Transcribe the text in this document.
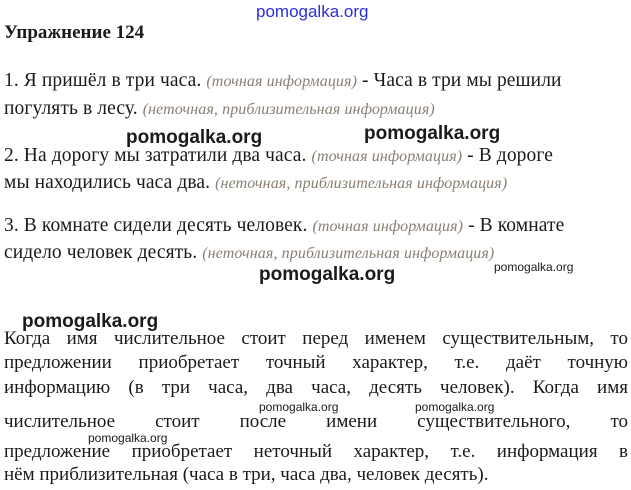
pomogalka.org
Упражнение 124
1. Я пришёл в три часа. (точная информация) - Часа в три мы решили
погулять в лесу. (неточная, приблизительная информация)
pomogalka.org	pomogalka.org
2. На дорогу мы затратили два часа. (точная информация) - В дороге
мы находились часа два. (неточная, приблизительная информация)
3. В комнате сидели десять человек. (точная информация) - В комнате
сидело человек десять. (неточная, приблизительная информация)
pomogalka.org
pomogalka.org
pomogalka.org
Когда имя числительное стоит перед именем существительным, то
предложении приобретает точный характер, т.е. даёт точную
информацию (в три часа, два часа, десять человек). Когда имя
числительное стоит после имени существительного, то
предложение приобретает неточный характер, т.е. информация в
нём приблизительная (часа в три, часа два, человек десять).
pomogalka.org	pomogalka.org
pomogalka.org
